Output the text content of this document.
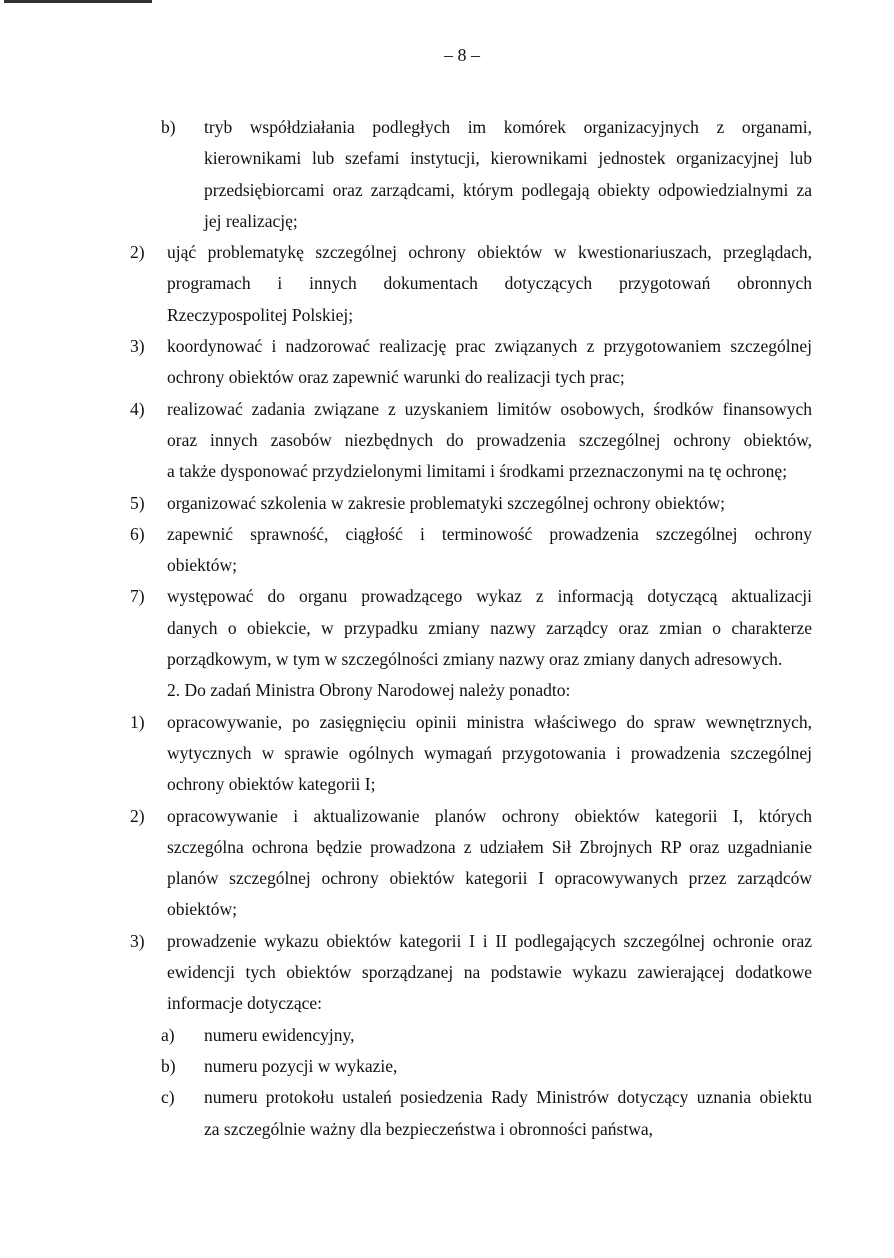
– 8 –
b) tryb współdziałania podległych im komórek organizacyjnych z organami,
kierownikami lub szefami instytucji, kierownikami jednostek organizacyjnej lub
przedsiębiorcami oraz zarządcami, którym podlegają obiekty odpowiedzialnymi za
jej realizację;
2) ująć problematykę szczególnej ochrony obiektów w kwestionariuszach, przeglądach,
programach i innych dokumentach dotyczących przygotowań obronnych
Rzeczypospolitej Polskiej;
3) koordynować i nadzorować realizację prac związanych z przygotowaniem szczególnej
ochrony obiektów oraz zapewnić warunki do realizacji tych prac;
4) realizować zadania związane z uzyskaniem limitów osobowych, środków finansowych
oraz innych zasobów niezbędnych do prowadzenia szczególnej ochrony obiektów,
a także dysponować przydzielonymi limitami i środkami przeznaczonymi na tę ochronę;
5) organizować szkolenia w zakresie problematyki szczególnej ochrony obiektów;
6) zapewnić sprawność, ciągłość i terminowość prowadzenia szczególnej ochrony
obiektów;
7) występować do organu prowadzącego wykaz z informacją dotyczącą aktualizacji
danych o obiekcie, w przypadku zmiany nazwy zarządcy oraz zmian o charakterze
porządkowym, w tym w szczególności zmiany nazwy oraz zmiany danych adresowych.
2. Do zadań Ministra Obrony Narodowej należy ponadto:
1) opracowywanie, po zasięgnięciu opinii ministra właściwego do spraw wewnętrznych,
wytycznych w sprawie ogólnych wymagań przygotowania i prowadzenia szczególnej
ochrony obiektów kategorii I;
2) opracowywanie i aktualizowanie planów ochrony obiektów kategorii I, których
szczególna ochrona będzie prowadzona z udziałem Sił Zbrojnych RP oraz uzgadnianie
planów szczególnej ochrony obiektów kategorii I opracowywanych przez zarządców
obiektów;
3) prowadzenie wykazu obiektów kategorii I i II podlegających szczególnej ochronie oraz
ewidencji tych obiektów sporządzanej na podstawie wykazu zawierającej dodatkowe
informacje dotyczące:
a) numeru ewidencyjny,
b) numeru pozycji w wykazie,
c) numeru protokołu ustaleń posiedzenia Rady Ministrów dotyczący uznania obiektu
za szczególnie ważny dla bezpieczeństwa i obronności państwa,
